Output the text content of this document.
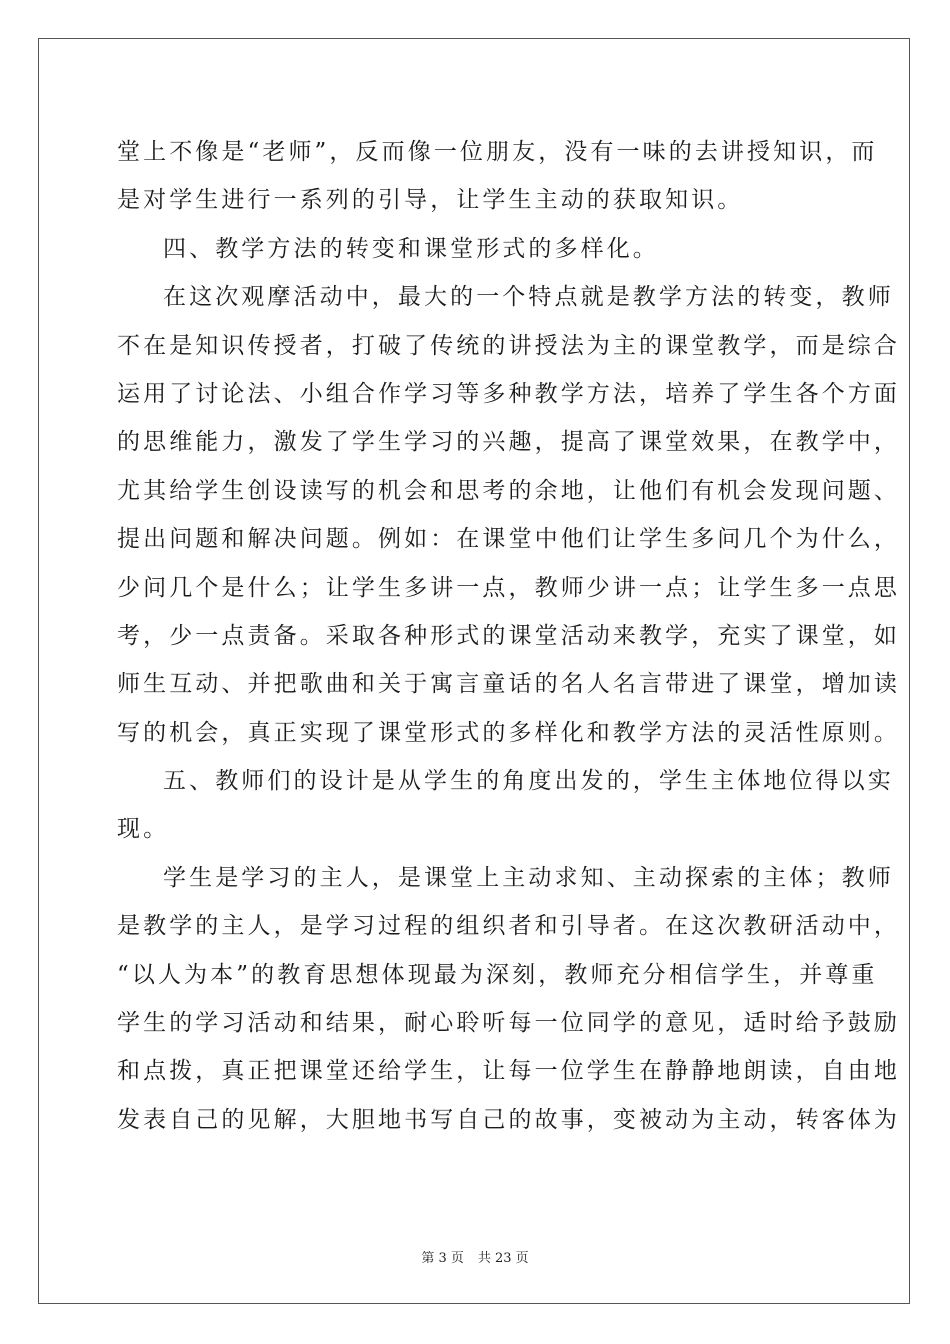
堂上不像是“老师”，反而像一位朋友，没有一味的去讲授知识，而
是对学生进行一系列的引导，让学生主动的获取知识。
四、教学方法的转变和课堂形式的多样化。
在这次观摩活动中，最大的一个特点就是教学方法的转变，教师
不在是知识传授者，打破了传统的讲授法为主的课堂教学，而是综合
运用了讨论法、小组合作学习等多种教学方法，培养了学生各个方面
的思维能力，激发了学生学习的兴趣，提高了课堂效果，在教学中，
尤其给学生创设读写的机会和思考的余地，让他们有机会发现问题、
提出问题和解决问题。例如：在课堂中他们让学生多问几个为什么，
少问几个是什么；让学生多讲一点，教师少讲一点；让学生多一点思
考，少一点责备。采取各种形式的课堂活动来教学，充实了课堂，如
师生互动、并把歌曲和关于寓言童话的名人名言带进了课堂，增加读
写的机会，真正实现了课堂形式的多样化和教学方法的灵活性原则。
五、教师们的设计是从学生的角度出发的，学生主体地位得以实
现。
学生是学习的主人，是课堂上主动求知、主动探索的主体；教师
是教学的主人，是学习过程的组织者和引导者。在这次教研活动中，
“以人为本”的教育思想体现最为深刻，教师充分相信学生，并尊重
学生的学习活动和结果，耐心聆听每一位同学的意见，适时给予鼓励
和点拨，真正把课堂还给学生，让每一位学生在静静地朗读，自由地
发表自己的见解，大胆地书写自己的故事，变被动为主动，转客体为
第 3 页 共 23 页
